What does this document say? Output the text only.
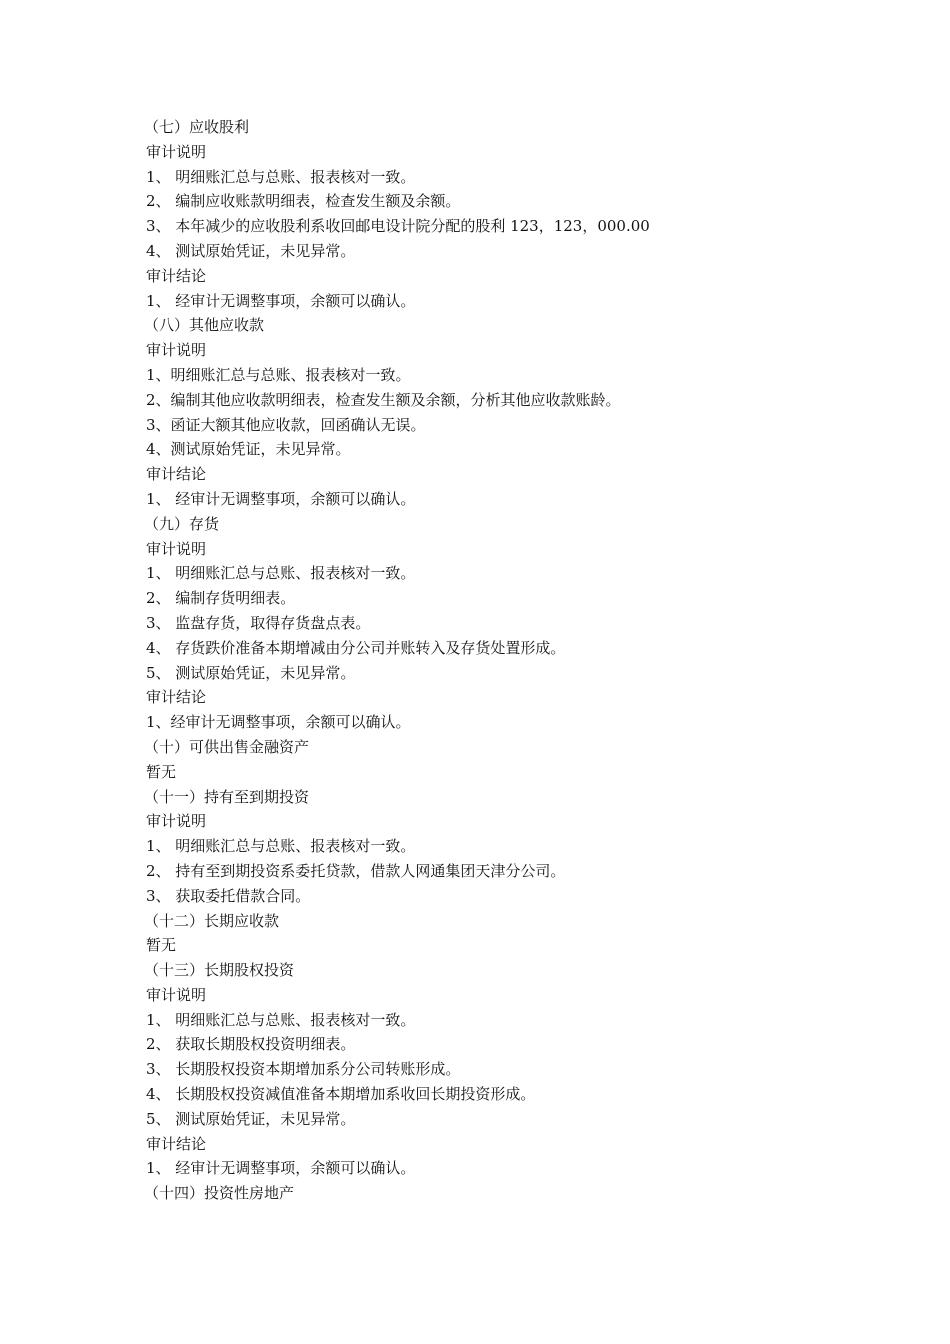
（七）应收股利
审计说明
1、 明细账汇总与总账、报表核对一致。
2、 编制应收账款明细表，检查发生额及余额。
3、 本年减少的应收股利系收回邮电设计院分配的股利 123，123，000.00
4、 测试原始凭证，未见异常。
审计结论
1、 经审计无调整事项，余额可以确认。
（八）其他应收款
审计说明
1、明细账汇总与总账、报表核对一致。
2、编制其他应收款明细表，检查发生额及余额，分析其他应收款账龄。
3、函证大额其他应收款，回函确认无误。
4、测试原始凭证，未见异常。
审计结论
1、 经审计无调整事项，余额可以确认。
（九）存货
审计说明
1、 明细账汇总与总账、报表核对一致。
2、 编制存货明细表。
3、 监盘存货，取得存货盘点表。
4、 存货跌价准备本期增减由分公司并账转入及存货处置形成。
5、 测试原始凭证，未见异常。
审计结论
1、经审计无调整事项，余额可以确认。
（十）可供出售金融资产
暂无
（十一）持有至到期投资
审计说明
1、 明细账汇总与总账、报表核对一致。
2、 持有至到期投资系委托贷款，借款人网通集团天津分公司。
3、 获取委托借款合同。
（十二）长期应收款
暂无
（十三）长期股权投资
审计说明
1、 明细账汇总与总账、报表核对一致。
2、 获取长期股权投资明细表。
3、 长期股权投资本期增加系分公司转账形成。
4、 长期股权投资减值准备本期增加系收回长期投资形成。
5、 测试原始凭证，未见异常。
审计结论
1、 经审计无调整事项，余额可以确认。
（十四）投资性房地产
